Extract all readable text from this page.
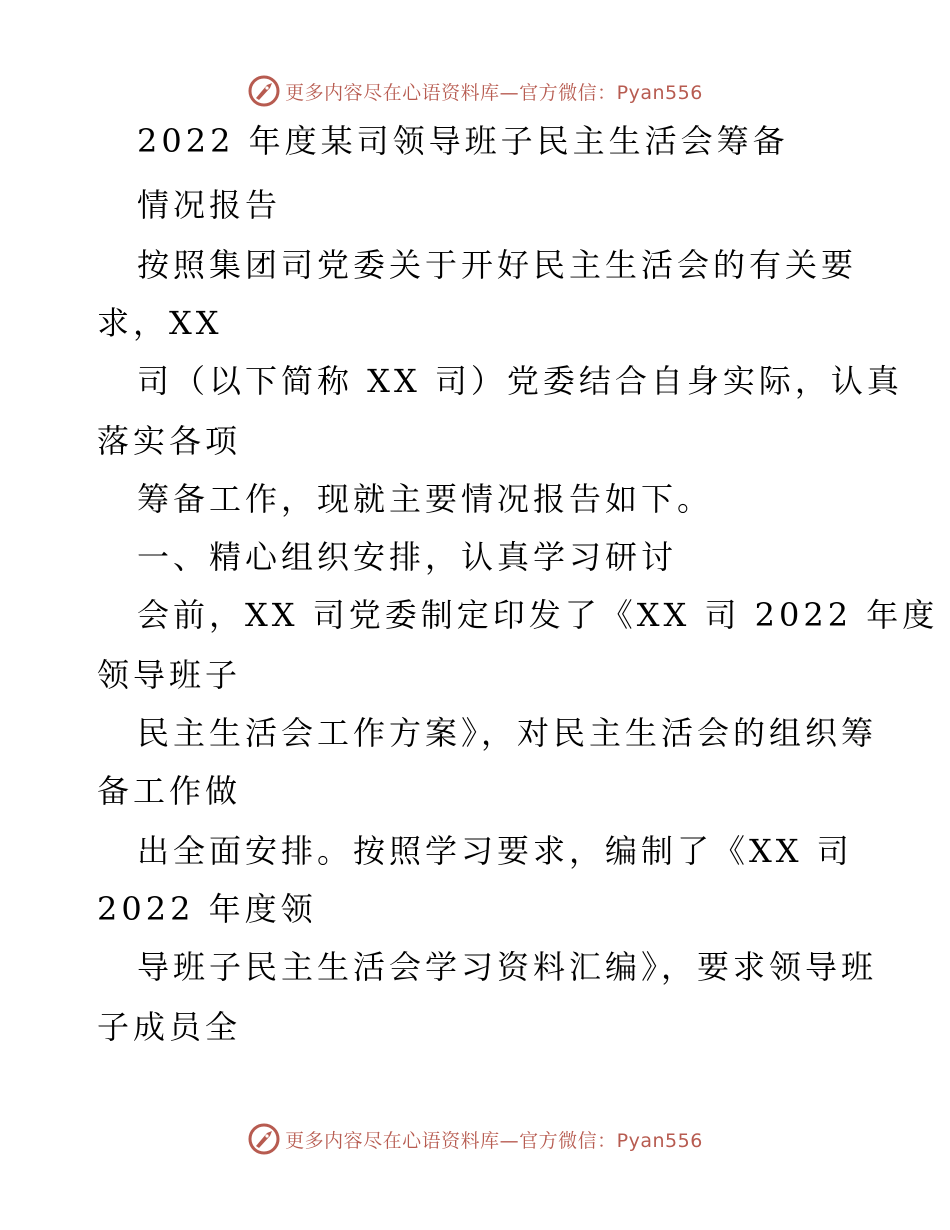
更多内容尽在心语资料库—官方微信：Pyan556
2022 年度某司领导班子民主生活会筹备
情况报告
按照集团司党委关于开好民主生活会的有关要
求，XX
司（以下简称 XX 司）党委结合自身实际，认真
落实各项
筹备工作，现就主要情况报告如下。
一、精心组织安排，认真学习研讨
会前，XX 司党委制定印发了《XX 司 2022 年度
领导班子
民主生活会工作方案》，对民主生活会的组织筹
备工作做
出全面安排。按照学习要求，编制了《XX 司
2022 年度领
导班子民主生活会学习资料汇编》，要求领导班
子成员全
更多内容尽在心语资料库—官方微信：Pyan556
